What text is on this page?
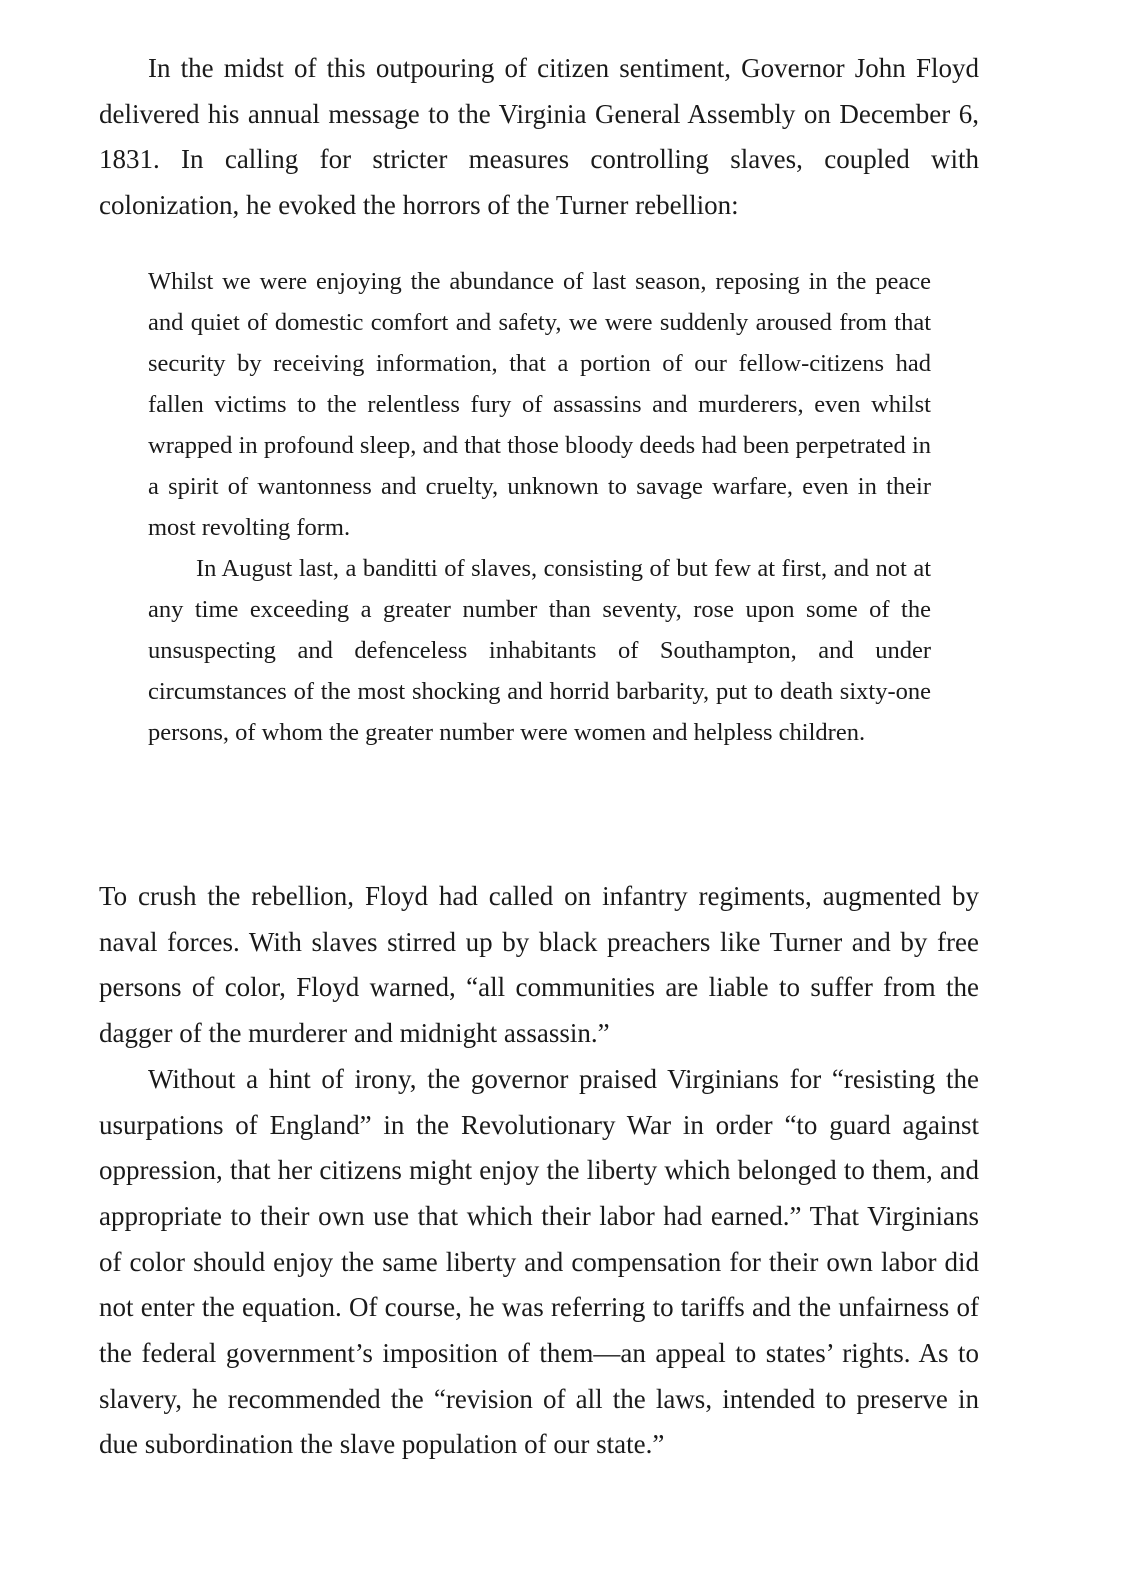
In the midst of this outpouring of citizen sentiment, Governor John Floyd delivered his annual message to the Virginia General Assembly on December 6, 1831. In calling for stricter measures controlling slaves, coupled with colonization, he evoked the horrors of the Turner rebellion:

Whilst we were enjoying the abundance of last season, reposing in the peace and quiet of domestic comfort and safety, we were suddenly aroused from that security by receiving information, that a portion of our fellow-citizens had fallen victims to the relentless fury of assassins and murderers, even whilst wrapped in profound sleep, and that those bloody deeds had been perpetrated in a spirit of wantonness and cruelty, unknown to savage warfare, even in their most revolting form.

In August last, a banditti of slaves, consisting of but few at first, and not at any time exceeding a greater number than seventy, rose upon some of the unsuspecting and defenceless inhabitants of Southampton, and under circumstances of the most shocking and horrid barbarity, put to death sixty-one persons, of whom the greater number were women and helpless children.

To crush the rebellion, Floyd had called on infantry regiments, augmented by naval forces. With slaves stirred up by black preachers like Turner and by free persons of color, Floyd warned, “all communities are liable to suffer from the dagger of the murderer and midnight assassin.”

Without a hint of irony, the governor praised Virginians for “resisting the usurpations of England” in the Revolutionary War in order “to guard against oppression, that her citizens might enjoy the liberty which belonged to them, and appropriate to their own use that which their labor had earned.” That Virginians of color should enjoy the same liberty and compensation for their own labor did not enter the equation. Of course, he was referring to tariffs and the unfairness of the federal government’s imposition of them—an appeal to states’ rights. As to slavery, he recommended the “revision of all the laws, intended to preserve in due subordination the slave population of our state.”
